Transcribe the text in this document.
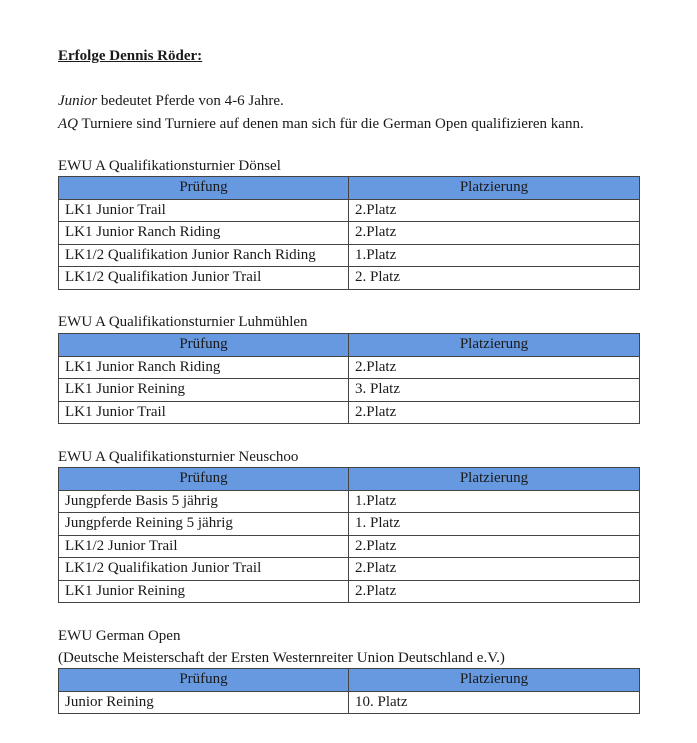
Erfolge Dennis Röder:
Junior bedeutet Pferde von 4-6 Jahre.
AQ Turniere sind Turniere auf denen man sich für die German Open qualifizieren kann.
EWU A Qualifikationsturnier Dönsel
Prüfung	Platzierung
LK1 Junior Trail	2.Platz
LK1 Junior Ranch Riding	2.Platz
LK1/2 Qualifikation Junior Ranch Riding	1.Platz
LK1/2 Qualifikation Junior Trail	2. Platz
EWU A Qualifikationsturnier Luhmühlen
Prüfung	Platzierung
LK1 Junior Ranch Riding	2.Platz
LK1 Junior Reining	3. Platz
LK1 Junior Trail	2.Platz
EWU A Qualifikationsturnier Neuschoo
Prüfung	Platzierung
Jungpferde Basis 5 jährig	1.Platz
Jungpferde Reining 5 jährig	1. Platz
LK1/2 Junior Trail	2.Platz
LK1/2 Qualifikation Junior Trail	2.Platz
LK1 Junior Reining	2.Platz
EWU German Open
(Deutsche Meisterschaft der Ersten Westernreiter Union Deutschland e.V.)
Prüfung	Platzierung
Junior Reining	10. Platz
